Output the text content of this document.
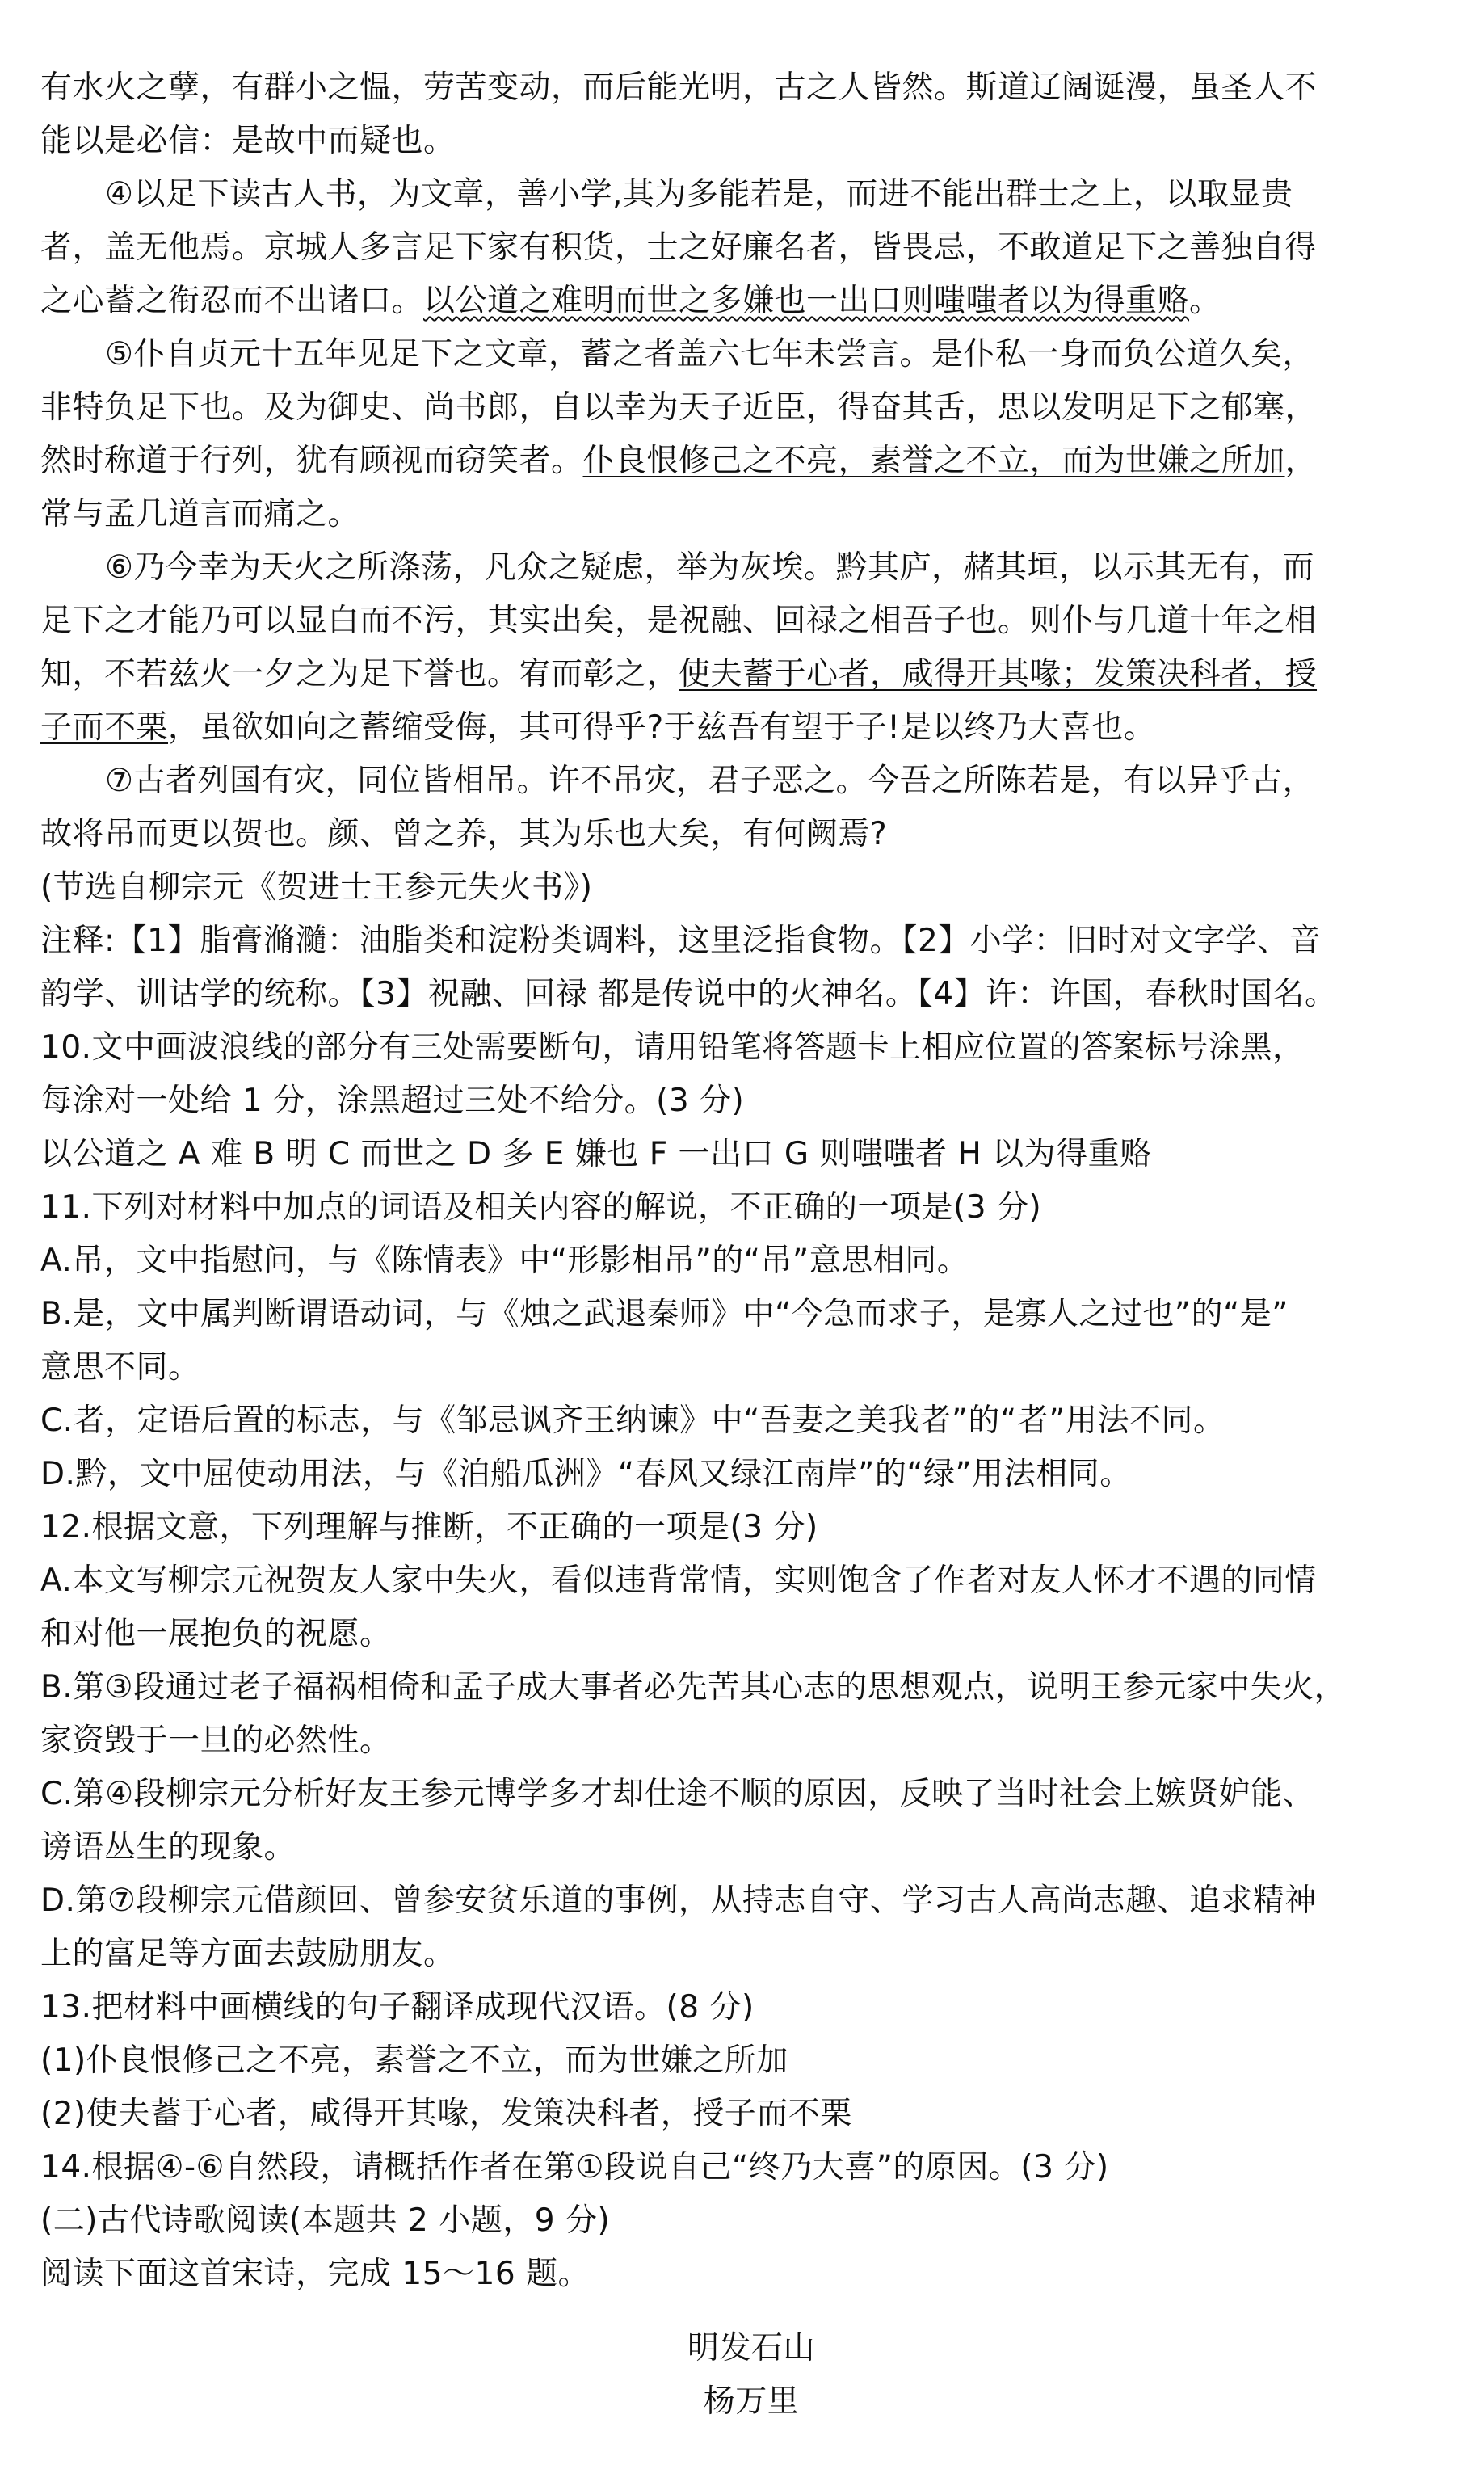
有水火之孽，有群小之愠，劳苦变动，而后能光明，古之人皆然。斯道辽阔诞漫，虽圣人不
能以是必信：是故中而疑也。
④以足下读古人书，为文章，善小学,其为多能若是，而进不能出群士之上，以取显贵
者，盖无他焉。京城人多言足下家有积货，士之好廉名者，皆畏忌，不敢道足下之善独自得
之心蓄之衔忍而不出诸口。以公道之难明而世之多嫌也一出口则嗤嗤者以为得重赂。
⑤仆自贞元十五年见足下之文章，蓄之者盖六七年未尝言。是仆私一身而负公道久矣，
非特负足下也。及为御史、尚书郎，自以幸为天子近臣，得奋其舌，思以发明足下之郁塞，
然时称道于行列，犹有顾视而窃笑者。仆良恨修己之不亮，素誉之不立，而为世嫌之所加，
常与孟几道言而痛之。
⑥乃今幸为天火之所涤荡，凡众之疑虑，举为灰埃。黔其庐，赭其垣，以示其无有，而
足下之才能乃可以显白而不污，其实出矣，是祝融、回禄之相吾子也。则仆与几道十年之相
知，不若兹火一夕之为足下誉也。宥而彰之，使夫蓄于心者，咸得开其喙；发策决科者，授
子而不栗，虽欲如向之蓄缩受侮，其可得乎?于兹吾有望于子!是以终乃大喜也。
⑦古者列国有灾，同位皆相吊。许不吊灾，君子恶之。今吾之所陈若是，有以异乎古，
故将吊而更以贺也。颜、曾之养，其为乐也大矣，有何阙焉?
(节选自柳宗元《贺进士王参元失火书》)
注释:【1】脂膏滫瀡：油脂类和淀粉类调料，这里泛指食物。【2】小学：旧时对文字学、音
韵学、训诂学的统称。【3】祝融、回禄 都是传说中的火神名。【4】许：许国，春秋时国名。
10.文中画波浪线的部分有三处需要断句，请用铅笔将答题卡上相应位置的答案标号涂黑，
每涂对一处给 1 分，涂黑超过三处不给分。(3 分)
以公道之 A 难 B 明 C 而世之 D 多 E 嫌也 F 一出口 G 则嗤嗤者 H 以为得重赂
11.下列对材料中加点的词语及相关内容的解说，不正确的一项是(3 分)
A.吊，文中指慰问，与《陈情表》中“形影相吊”的“吊”意思相同。
B.是，文中属判断谓语动词，与《烛之武退秦师》中“今急而求子，是寡人之过也”的“是”
意思不同。
C.者，定语后置的标志，与《邹忌讽齐王纳谏》中“吾妻之美我者”的“者”用法不同。
D.黔，文中屈使动用法，与《泊船瓜洲》“春风又绿江南岸”的“绿”用法相同。
12.根据文意，下列理解与推断，不正确的一项是(3 分)
A.本文写柳宗元祝贺友人家中失火，看似违背常情，实则饱含了作者对友人怀才不遇的同情
和对他一展抱负的祝愿。
B.第③段通过老子福祸相倚和孟子成大事者必先苦其心志的思想观点，说明王参元家中失火，
家资毁于一旦的必然性。
C.第④段柳宗元分析好友王参元博学多才却仕途不顺的原因，反映了当时社会上嫉贤妒能、
谤语丛生的现象。
D.第⑦段柳宗元借颜回、曾参安贫乐道的事例，从持志自守、学习古人高尚志趣、追求精神
上的富足等方面去鼓励朋友。
13.把材料中画横线的句子翻译成现代汉语。(8 分)
(1)仆良恨修己之不亮，素誉之不立，而为世嫌之所加
(2)使夫蓄于心者，咸得开其喙，发策决科者，授子而不栗
14.根据④-⑥自然段，请概括作者在第①段说自己“终乃大喜”的原因。(3 分)
(二)古代诗歌阅读(本题共 2 小题，9 分)
阅读下面这首宋诗，完成 15～16 题。
明发石山
杨万里
